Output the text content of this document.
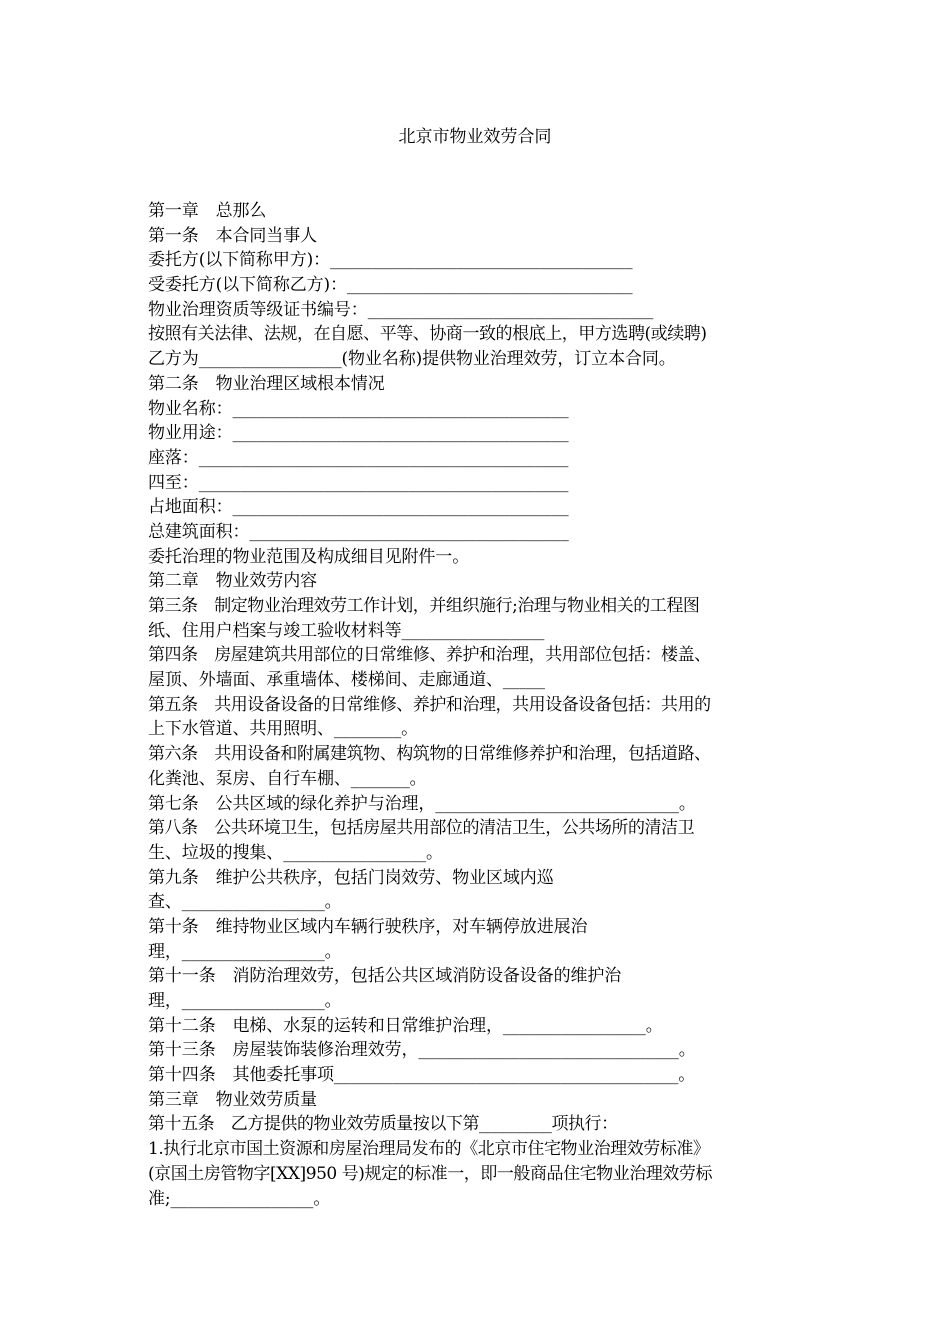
北京市物业效劳合同
第一章　总那么
第一条　本合同当事人
委托方(以下简称甲方)：____________________________________
受委托方(以下简称乙方)：__________________________________
物业治理资质等级证书编号：__________________________________
按照有关法律、法规，在自愿、平等、协商一致的根底上，甲方选聘(或续聘)
乙方为_________________(物业名称)提供物业治理效劳，订立本合同。
第二条　物业治理区域根本情况
物业名称：________________________________________
物业用途：________________________________________
座落：____________________________________________
四至：____________________________________________
占地面积：________________________________________
总建筑面积：______________________________________
委托治理的物业范围及构成细目见附件一。
第二章　物业效劳内容
第三条　制定物业治理效劳工作计划，并组织施行;治理与物业相关的工程图
纸、住用户档案与竣工验收材料等_________________
第四条　房屋建筑共用部位的日常维修、养护和治理，共用部位包括：楼盖、
屋顶、外墙面、承重墙体、楼梯间、走廊通道、_____
第五条　共用设备设备的日常维修、养护和治理，共用设备设备包括：共用的
上下水管道、共用照明、________。
第六条　共用设备和附属建筑物、构筑物的日常维修养护和治理，包括道路、
化粪池、泵房、自行车棚、_______。
第七条　公共区域的绿化养护与治理，_____________________________。
第八条　公共环境卫生，包括房屋共用部位的清洁卫生，公共场所的清洁卫
生、垃圾的搜集、_________________。
第九条　维护公共秩序，包括门岗效劳、物业区域内巡
查、_________________。
第十条　维持物业区域内车辆行驶秩序，对车辆停放进展治
理，_________________。
第十一条　消防治理效劳，包括公共区域消防设备设备的维护治
理，_________________。
第十二条　电梯、水泵的运转和日常维护治理，_________________。
第十三条　房屋装饰装修治理效劳，_______________________________。
第十四条　其他委托事项_________________________________________。
第三章　物业效劳质量
第十五条　乙方提供的物业效劳质量按以下第_________项执行：
1.执行北京市国土资源和房屋治理局发布的《北京市住宅物业治理效劳标准》
(京国土房管物字[XX]950 号)规定的标准一，即一般商品住宅物业治理效劳标
准;_________________。
